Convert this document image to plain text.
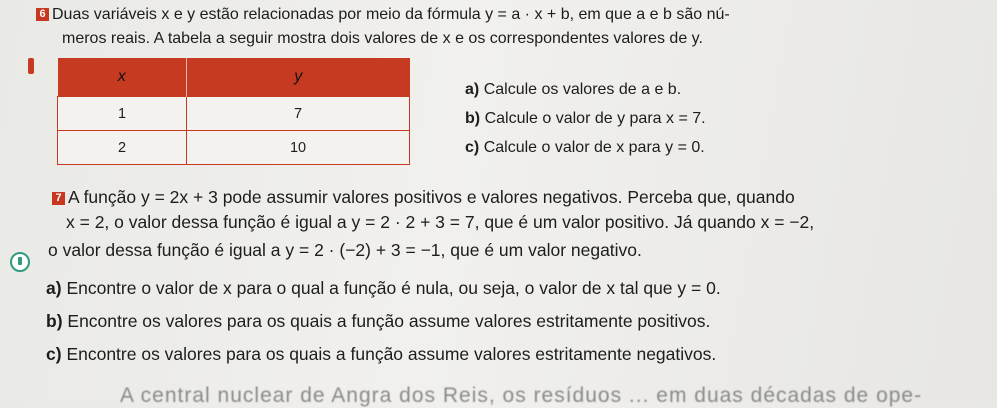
6 Duas variáveis x e y estão relacionadas por meio da fórmula y = a · x + b, em que a e b são nú-
meros reais. A tabela a seguir mostra dois valores de x e os correspondentes valores de y.
x	y
1	7
2	10
a) Calcule os valores de a e b.
b) Calcule o valor de y para x = 7.
c) Calcule o valor de x para y = 0.
7 A função y = 2x + 3 pode assumir valores positivos e valores negativos. Perceba que, quando
x = 2, o valor dessa função é igual a y = 2 · 2 + 3 = 7, que é um valor positivo. Já quando x = −2,
o valor dessa função é igual a y = 2 · (−2) + 3 = −1, que é um valor negativo.
a) Encontre o valor de x para o qual a função é nula, ou seja, o valor de x tal que y = 0.
b) Encontre os valores para os quais a função assume valores estritamente positivos.
c) Encontre os valores para os quais a função assume valores estritamente negativos.
A central nuclear de Angra dos Reis, os resíduos ... em duas décadas de ope-
